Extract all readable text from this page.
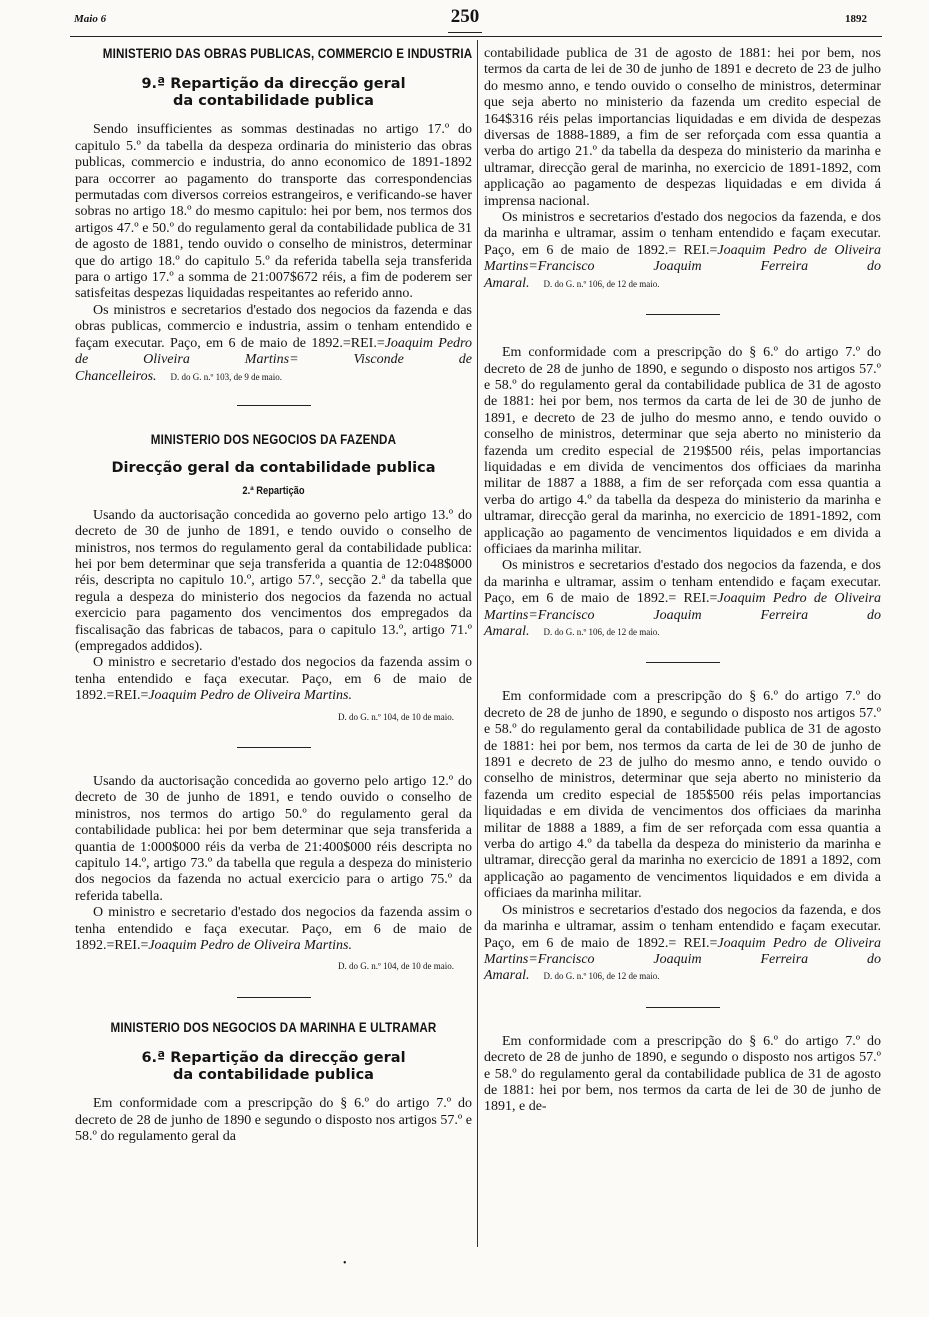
Maio 6	250	1892
MINISTERIO DAS OBRAS PUBLICAS, COMMERCIO E INDUSTRIA
9.ª Repartição da direcção geral
da contabilidade publica

Sendo insufficientes as sommas destinadas no artigo 17.º do capitulo 5.º da tabella da despeza ordinaria do ministerio das obras publicas, commercio e industria, do anno economico de 1891-1892 para occorrer ao pagamento do transporte das correspondencias permutadas com diversos correios estrangeiros, e verificando-se haver sobras no artigo 18.º do mesmo capitulo: hei por bem, nos termos dos artigos 47.º e 50.º do regulamento geral da contabilidade publica de 31 de agosto de 1881, tendo ouvido o conselho de ministros, determinar que do artigo 18.º do capitulo 5.º da referida tabella seja transferida para o artigo 17.º a somma de 21:007$672 réis, a fim de poderem ser satisfeitas despezas liquidadas respeitantes ao referido anno.

Os ministros e secretarios d'estado dos negocios da fazenda e das obras publicas, commercio e industria, assim o tenham entendido e façam executar. Paço, em 6 de maio de 1892.=REI.=Joaquim Pedro de Oliveira Martins= Visconde de Chancelleiros. D. do G. n.º 103, de 9 de maio.

MINISTERIO DOS NEGOCIOS DA FAZENDA
Direcção geral da contabilidade publica
2.ª Repartição

Usando da auctorisação concedida ao governo pelo artigo 13.º do decreto de 30 de junho de 1891, e tendo ouvido o conselho de ministros, nos termos do regulamento geral da contabilidade publica: hei por bem determinar que seja transferida a quantia de 12:048$000 réis, descripta no capitulo 10.º, artigo 57.º, secção 2.ª da tabella que regula a despeza do ministerio dos negocios da fazenda no actual exercicio para pagamento dos vencimentos dos empregados da fiscalisação das fabricas de tabacos, para o capitulo 13.º, artigo 71.º (empregados addidos).

O ministro e secretario d'estado dos negocios da fazenda assim o tenha entendido e faça executar. Paço, em 6 de maio de 1892.=REI.=Joaquim Pedro de Oliveira Martins.

D. do G. n.º 104, de 10 de maio.

Usando da auctorisação concedida ao governo pelo artigo 12.º do decreto de 30 de junho de 1891, e tendo ouvido o conselho de ministros, nos termos do artigo 50.º do regulamento geral da contabilidade publica: hei por bem determinar que seja transferida a quantia de 1:000$000 réis da verba de 21:400$000 réis descripta no capitulo 14.º, artigo 73.º da tabella que regula a despeza do ministerio dos negocios da fazenda no actual exercicio para o artigo 75.º da referida tabella.

O ministro e secretario d'estado dos negocios da fazenda assim o tenha entendido e faça executar. Paço, em 6 de maio de 1892.=REI.=Joaquim Pedro de Oliveira Martins.

D. do G. n.º 104, de 10 de maio.
MINISTERIO DOS NEGOCIOS DA MARINHA E ULTRAMAR
6.ª Repartição da direcção geral
da contabilidade publica

Em conformidade com a prescripção do § 6.º do artigo 7.º do decreto de 28 de junho de 1890 e segundo o disposto nos artigos 57.º e 58.º do regulamento geral da

contabilidade publica de 31 de agosto de 1881: hei por bem, nos termos da carta de lei de 30 de junho de 1891 e decreto de 23 de julho do mesmo anno, e tendo ouvido o conselho de ministros, determinar que seja aberto no ministerio da fazenda um credito especial de 164$316 réis pelas importancias liquidadas e em divida de despezas diversas de 1888-1889, a fim de ser reforçada com essa quantia a verba do artigo 21.º da tabella da despeza do ministerio da marinha e ultramar, direcção geral de marinha, no exercicio de 1891-1892, com applicação ao pagamento de despezas liquidadas e em divida á imprensa nacional.

Os ministros e secretarios d'estado dos negocios da fazenda, e dos da marinha e ultramar, assim o tenham entendido e façam executar. Paço, em 6 de maio de 1892.= REI.=Joaquim Pedro de Oliveira Martins=Francisco Joaquim Ferreira do Amaral. D. do G. n.º 106, de 12 de maio.

Em conformidade com a prescripção do § 6.º do artigo 7.º do decreto de 28 de junho de 1890, e segundo o disposto nos artigos 57.º e 58.º do regulamento geral da contabilidade publica de 31 de agosto de 1881: hei por bem, nos termos da carta de lei de 30 de junho de 1891, e decreto de 23 de julho do mesmo anno, e tendo ouvido o conselho de ministros, determinar que seja aberto no ministerio da fazenda um credito especial de 219$500 réis, pelas importancias liquidadas e em divida de vencimentos dos officiaes da marinha militar de 1887 a 1888, a fim de ser reforçada com essa quantia a verba do artigo 4.º da tabella da despeza do ministerio da marinha e ultramar, direcção geral da marinha, no exercicio de 1891-1892, com applicação ao pagamento de vencimentos liquidados e em divida a officiaes da marinha militar.

Os ministros e secretarios d'estado dos negocios da fazenda, e dos da marinha e ultramar, assim o tenham entendido e façam executar. Paço, em 6 de maio de 1892.= REI.=Joaquim Pedro de Oliveira Martins=Francisco Joaquim Ferreira do Amaral. D. do G. n.º 106, de 12 de maio.

Em conformidade com a prescripção do § 6.º do artigo 7.º do decreto de 28 de junho de 1890, e segundo o disposto nos artigos 57.º e 58.º do regulamento geral da contabilidade publica de 31 de agosto de 1881: hei por bem, nos termos da carta de lei de 30 de junho de 1891 e decreto de 23 de julho do mesmo anno, e tendo ouvido o conselho de ministros, determinar que seja aberto no ministerio da fazenda um credito especial de 185$500 réis pelas importancias liquidadas e em divida de vencimentos dos officiaes da marinha militar de 1888 a 1889, a fim de ser reforçada com essa quantia a verba do artigo 4.º da tabella da despeza do ministerio da marinha e ultramar, direcção geral da marinha no exercicio de 1891 a 1892, com applicação ao pagamento de vencimentos liquidados e em divida a officiaes da marinha militar.

Os ministros e secretarios d'estado dos negocios da fazenda, e dos da marinha e ultramar, assim o tenham entendido e façam executar. Paço, em 6 de maio de 1892.= REI.=Joaquim Pedro de Oliveira Martins=Francisco Joaquim Ferreira do Amaral. D. do G. n.º 106, de 12 de maio.

Em conformidade com a prescripção do § 6.º do artigo 7.º do decreto de 28 de junho de 1890, e segundo o disposto nos artigos 57.º e 58.º do regulamento geral da contabilidade publica de 31 de agosto de 1881: hei por bem, nos termos da carta de lei de 30 de junho de 1891, e de-

•
